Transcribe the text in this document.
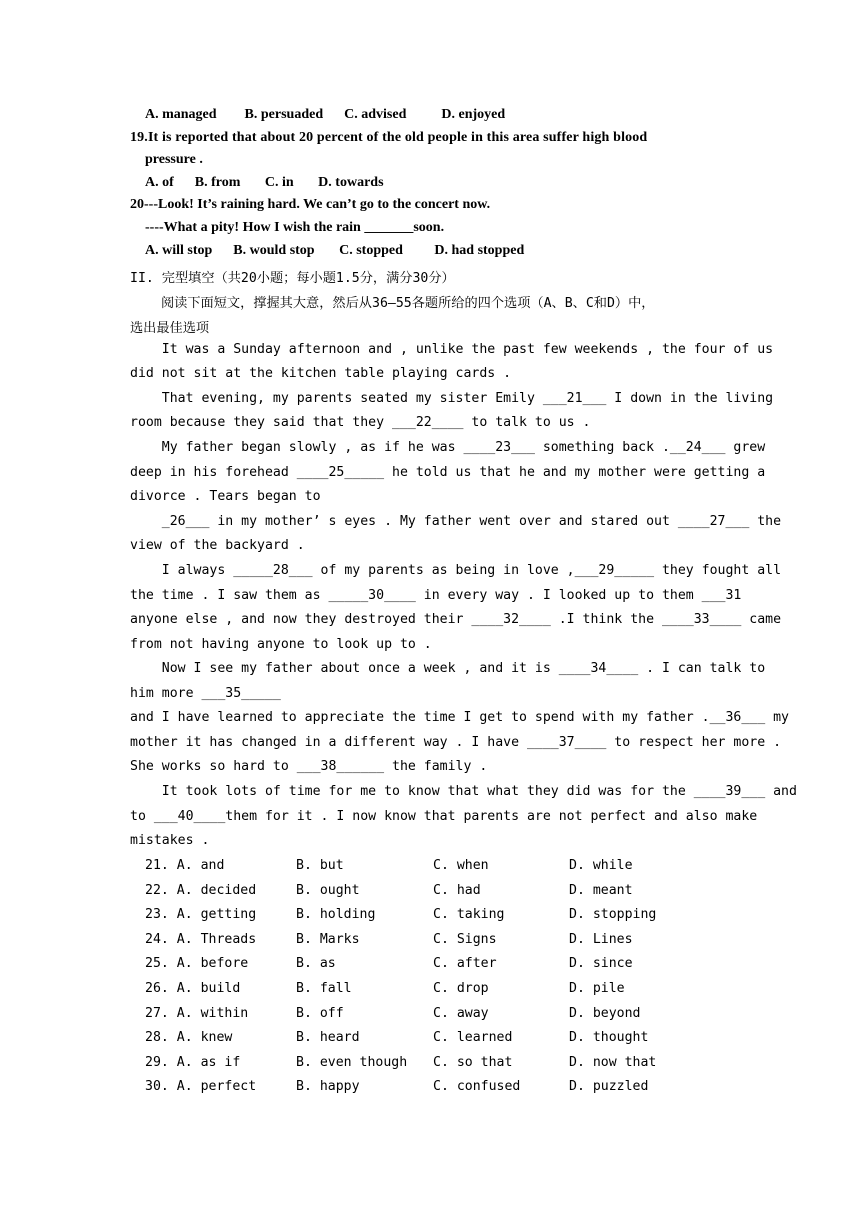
A. managed        B. persuaded      C. advised          D. enjoyed
19.It is reported that about 20 percent of the old people in this area suffer high blood
pressure .
A. of      B. from       C. in       D. towards
20---Look! It’s raining hard. We can’t go to the concert now.
----What a pity! How I wish the rain _______soon.
A. will stop      B. would stop       C. stopped         D. had stopped
II. 完型填空（共20小题；每小题1.5分，满分30分）
阅读下面短文，撑握其大意，然后从36—55各题所给的四个选项（A、B、C和D）中，
选出最佳选项
It was a Sunday afternoon and , unlike the past few weekends , the four of us
did not sit at the kitchen table playing cards .
That evening, my parents seated my sister Emily ___21___ I down in the living
room because they said that they ___22____ to talk to us .
My father began slowly , as if he was ____23___ something back .__24___ grew
deep in his forehead ____25_____ he told us that he and my mother were getting a
divorce . Tears began to
_26___ in my mother’ s eyes . My father went over and stared out ____27___ the
view of the backyard .
I always _____28___ of my parents as being in love ,___29_____ they fought all
the time . I saw them as _____30____ in every way . I looked up to them ___31
anyone else , and now they destroyed their ____32____ .I think the ____33____ came
from not having anyone to look up to .
Now I see my father about once a week , and it is ____34____ . I can talk to
him more ___35_____
and I have learned to appreciate the time I get to spend with my father .__36___ my
mother it has changed in a different way . I have ____37____ to respect her more .
She works so hard to ___38______ the family .
It took lots of time for me to know that what they did was for the ____39___ and
to ___40____them for it . I now know that parents are not perfect and also make
mistakes .
21. A. and	B. but	C. when	D. while
22. A. decided	B. ought	C. had	D. meant
23. A. getting	B. holding	C. taking	D. stopping
24. A. Threads	B. Marks	C. Signs	D. Lines
25. A. before	B. as	C. after	D. since
26. A. build	B. fall	C. drop	D. pile
27. A. within	B. off	C. away	D. beyond
28. A. knew	B. heard	C. learned	D. thought
29. A. as if	B. even though C. so that	D. now that
30. A. perfect	B. happy	C. confused	D. puzzled
